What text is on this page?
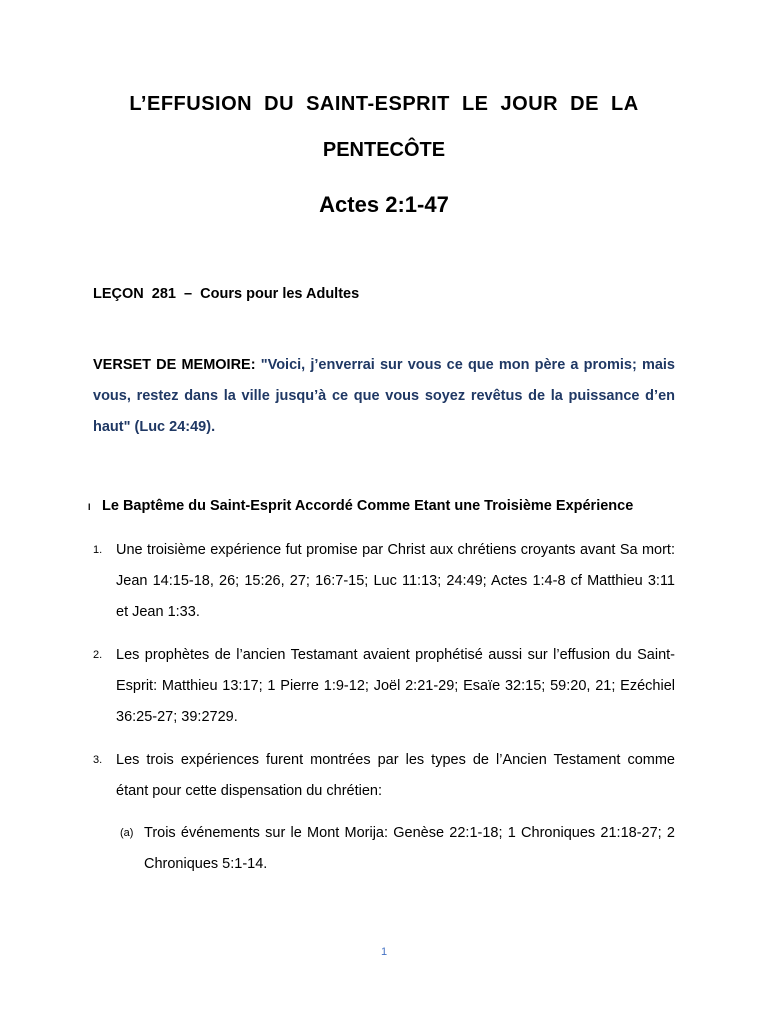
L’EFFUSION DU SAINT-ESPRIT LE JOUR DE LA
PENTECÔTE
Actes 2:1-47
LEÇON  281  –  Cours pour les Adultes
VERSET DE MEMOIRE: "Voici, j’enverrai sur vous ce que mon père a promis; mais vous, restez dans la ville jusqu’à ce que vous soyez revêtus de la puissance d’en haut" (Luc 24:49).
I Le Baptême du Saint-Esprit Accordé Comme Etant une Troisième Expérience
1. Une troisième expérience fut promise par Christ aux chrétiens croyants avant Sa mort: Jean 14:15-18, 26; 15:26, 27; 16:7-15; Luc 11:13; 24:49; Actes 1:4-8 cf Matthieu 3:11 et Jean 1:33.
2. Les prophètes de l’ancien Testamant avaient prophétisé aussi sur l’effusion du Saint-Esprit: Matthieu 13:17; 1 Pierre 1:9-12; Joël 2:21-29; Esaïe 32:15; 59:20, 21; Ezéchiel 36:25-27; 39:2729.
3. Les trois expériences furent montrées par les types de l’Ancien Testament comme étant pour cette dispensation du chrétien:
(a) Trois événements sur le Mont Morija: Genèse 22:1-18; 1 Chroniques 21:18-27; 2 Chroniques 5:1-14.
1
